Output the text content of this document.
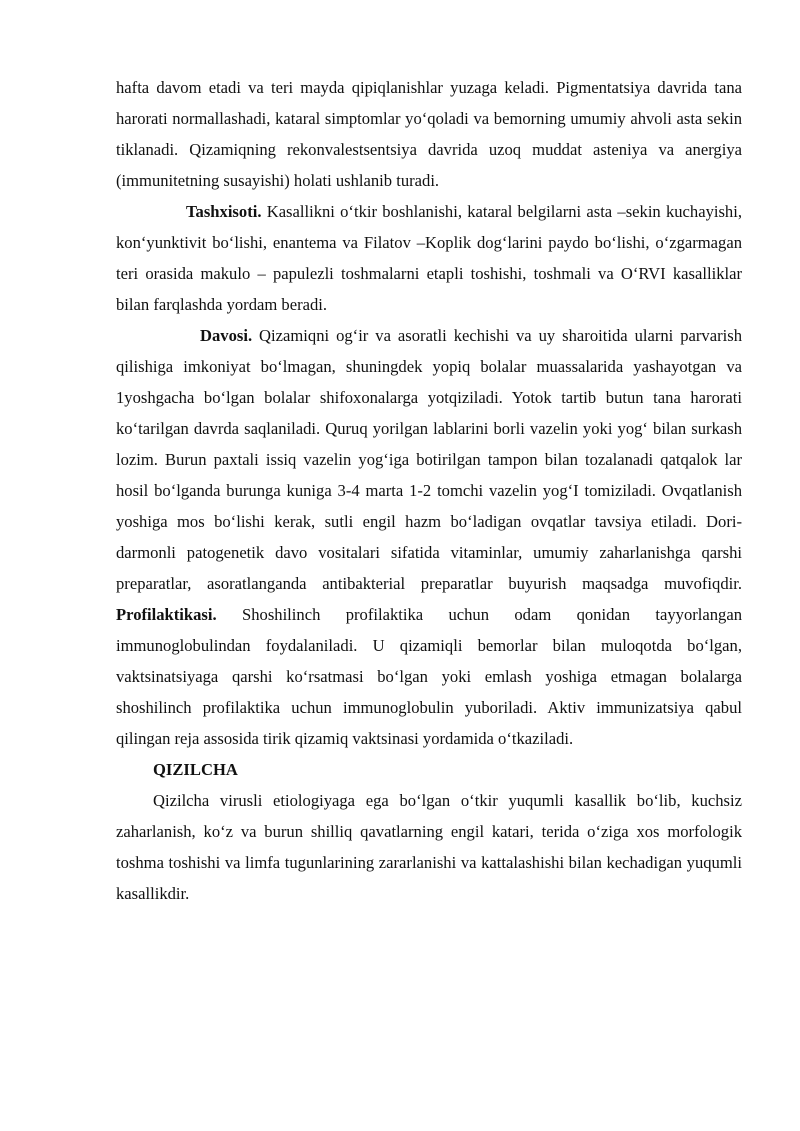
hafta davom etadi va teri mayda qipiqlanishlar yuzaga keladi. Pigmentatsiya davrida tana harorati normallashadi, kataral simptomlar yoʻqoladi va bemorning umumiy ahvoli asta sekin tiklanadi. Qizamiqning rekonvalestsentsiya davrida uzoq muddat asteniya va anergiya (immunitetning susayishi) holati ushlanib turadi.

Tashxisoti. Kasallikni oʻtkir boshlanishi, kataral belgilarni asta –sekin kuchayishi, konʻyunktivit boʻlishi, enantema va Filatov –Koplik dogʻlarini paydo boʻlishi, oʻzgarmagan teri orasida makulo – papulezli toshmalarni etapli toshishi, toshmali va OʻRVI kasalliklar bilan farqlashda yordam beradi.

Davosi. Qizamiqni ogʻir va asoratli kechishi va uy sharoitida ularni parvarish qilishiga imkoniyat boʻlmagan, shuningdek yopiq bolalar muassalarida yashayotgan va 1yoshgacha boʻlgan bolalar shifoxonalarga yotqiziladi. Yotok tartib butun tana harorati koʻtarilgan davrda saqlaniladi. Quruq yorilgan lablarini borli vazelin yoki yogʻ bilan surkash lozim. Burun paxtali issiq vazelin yogʻiga botirilgan tampon bilan tozalanadi qatqalok lar hosil boʻlganda burunga kuniga 3-4 marta 1-2 tomchi vazelin yogʻI tomiziladi. Ovqatlanish yoshiga mos boʻlishi kerak, sutli engil hazm boʻladigan ovqatlar tavsiya etiladi. Dori-darmonli patogenetik davo vositalari sifatida vitaminlar, umumiy zaharlanishga qarshi preparatlar, asoratlanganda antibakterial preparatlar buyurish maqsadga muvofiqdir. Profilaktikasi. Shoshilinch profilaktika uchun odam qonidan tayyorlangan immunoglobulindan foydalaniladi. U qizamiqli bemorlar bilan muloqotda boʻlgan, vaktsinatsiyaga qarshi koʻrsatmasi boʻlgan yoki emlash yoshiga etmagan bolalarga shoshilinch profilaktika uchun immunoglobulin yuboriladi. Aktiv immunizatsiya qabul qilingan reja assosida tirik qizamiq vaktsinasi yordamida oʻtkaziladi.

QIZILCHA

Qizilcha virusli etiologiyaga ega boʻlgan oʻtkir yuqumli kasallik boʻlib, kuchsiz zaharlanish, koʻz va burun shilliq qavatlarning engil katari, terida oʻziga xos morfologik toshma toshishi va limfa tugunlarining zararlanishi va kattalashishi bilan kechadigan yuqumli kasallikdir.
